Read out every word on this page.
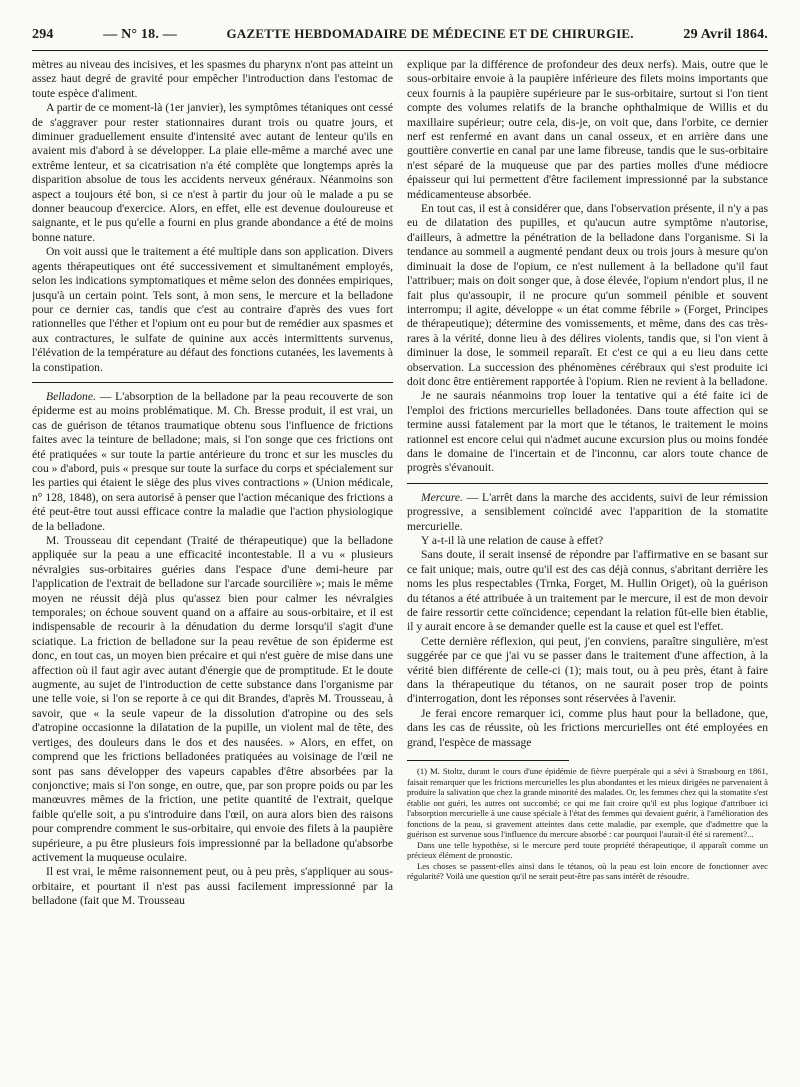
294	— N° 18. —	GAZETTE HEBDOMADAIRE DE MÉDECINE ET DE CHIRURGIE.	29 Avril 1864.

mètres au niveau des incisives, et les spasmes du pharynx n'ont pas atteint un assez haut degré de gravité pour empêcher l'introduction dans l'estomac de toute espèce d'aliment.

A partir de ce moment-là (1er janvier), les symptômes tétaniques ont cessé de s'aggraver pour rester stationnaires durant trois ou quatre jours, et diminuer graduellement ensuite d'intensité avec autant de lenteur qu'ils en avaient mis d'abord à se développer. La plaie elle-même a marché avec une extrême lenteur, et sa cicatrisation n'a été complète que longtemps après la disparition absolue de tous les accidents nerveux généraux. Néanmoins son aspect a toujours été bon, si ce n'est à partir du jour où le malade a pu se donner beaucoup d'exercice. Alors, en effet, elle est devenue douloureuse et saignante, et le pus qu'elle a fourni en plus grande abondance a été de moins bonne nature.

On voit aussi que le traitement a été multiple dans son application. Divers agents thérapeutiques ont été successivement et simultanément employés, selon les indications symptomatiques et même selon des données empiriques, jusqu'à un certain point. Tels sont, à mon sens, le mercure et la belladone pour ce dernier cas, tandis que c'est au contraire d'après des vues fort rationnelles que l'éther et l'opium ont eu pour but de remédier aux spasmes et aux contractures, le sulfate de quinine aux accès intermittents survenus, l'élévation de la température au défaut des fonctions cutanées, les lavements à la constipation.

Belladone. — L'absorption de la belladone par la peau recouverte de son épiderme est au moins problématique. M. Ch. Bresse produit, il est vrai, un cas de guérison de tétanos traumatique obtenu sous l'influence de frictions faites avec la teinture de belladone; mais, si l'on songe que ces frictions ont été pratiquées « sur toute la partie antérieure du tronc et sur les muscles du cou » d'abord, puis « presque sur toute la surface du corps et spécialement sur les parties qui étaient le siège des plus vives contractions » (Union médicale, n° 128, 1848), on sera autorisé à penser que l'action mécanique des frictions a été peut-être tout aussi efficace contre la maladie que l'action physiologique de la belladone.

M. Trousseau dit cependant (Traité de thérapeutique) que la belladone appliquée sur la peau a une efficacité incontestable. Il a vu « plusieurs névralgies sus-orbitaires guéries dans l'espace d'une demi-heure par l'application de l'extrait de belladone sur l'arcade sourcilière »; mais le même moyen ne réussit déjà plus qu'assez bien pour calmer les névralgies temporales; on échoue souvent quand on a affaire au sous-orbitaire, et il est indispensable de recourir à la dénudation du derme lorsqu'il s'agit d'une sciatique. La friction de belladone sur la peau revêtue de son épiderme est donc, en tout cas, un moyen bien précaire et qui n'est guère de mise dans une affection où il faut agir avec autant d'énergie que de promptitude. Et le doute augmente, au sujet de l'introduction de cette substance dans l'organisme par une telle voie, si l'on se reporte à ce qui dit Brandes, d'après M. Trousseau, à savoir, que « la seule vapeur de la dissolution d'atropine ou des sels d'atropine occasionne la dilatation de la pupille, un violent mal de tête, des vertiges, des douleurs dans le dos et des nausées. » Alors, en effet, on comprend que les frictions belladonées pratiquées au voisinage de l'œil ne sont pas sans développer des vapeurs capables d'être absorbées par la conjonctive; mais si l'on songe, en outre, que, par son propre poids ou par les manœuvres mêmes de la friction, une petite quantité de l'extrait, quelque faible qu'elle soit, a pu s'introduire dans l'œil, on aura alors bien des raisons pour comprendre comment le sus-orbitaire, qui envoie des filets à la paupière supérieure, a pu être plusieurs fois impressionné par la belladone qu'absorbe activement la muqueuse oculaire.

Il est vrai, le même raisonnement peut, ou à peu près, s'appliquer au sous-orbitaire, et pourtant il n'est pas aussi facilement impressionné par la belladone (fait que M. Trousseau

explique par la différence de profondeur des deux nerfs). Mais, outre que le sous-orbitaire envoie à la paupière inférieure des filets moins importants que ceux fournis à la paupière supérieure par le sus-orbitaire, surtout si l'on tient compte des volumes relatifs de la branche ophthalmique de Willis et du maxillaire supérieur; outre cela, dis-je, on voit que, dans l'orbite, ce dernier nerf est renfermé en avant dans un canal osseux, et en arrière dans une gouttière convertie en canal par une lame fibreuse, tandis que le sus-orbitaire n'est séparé de la muqueuse que par des parties molles d'une médiocre épaisseur qui lui permettent d'être facilement impressionné par la substance médicamenteuse absorbée.

En tout cas, il est à considérer que, dans l'observation présente, il n'y a pas eu de dilatation des pupilles, et qu'aucun autre symptôme n'autorise, d'ailleurs, à admettre la pénétration de la belladone dans l'organisme. Si la tendance au sommeil a augmenté pendant deux ou trois jours à mesure qu'on diminuait la dose de l'opium, ce n'est nullement à la belladone qu'il faut l'attribuer; mais on doit songer que, à dose élevée, l'opium n'endort plus, il ne fait plus qu'assoupir, il ne procure qu'un sommeil pénible et souvent interrompu; il agite, développe « un état comme fébrile » (Forget, Principes de thérapeutique); détermine des vomissements, et même, dans des cas très-rares à la vérité, donne lieu à des délires violents, tandis que, si l'on vient à diminuer la dose, le sommeil reparaît. Et c'est ce qui a eu lieu dans cette observation. La succession des phénomènes cérébraux qui s'est produite ici doit donc être entièrement rapportée à l'opium. Rien ne revient à la belladone.

Je ne saurais néanmoins trop louer la tentative qui a été faite ici de l'emploi des frictions mercurielles belladonées. Dans toute affection qui se termine aussi fatalement par la mort que le tétanos, le traitement le moins rationnel est encore celui qui n'admet aucune excursion plus ou moins fondée dans le domaine de l'incertain et de l'inconnu, car alors toute chance de progrès s'évanouit.

Mercure. — L'arrêt dans la marche des accidents, suivi de leur rémission progressive, a sensiblement coïncidé avec l'apparition de la stomatite mercurielle.

Y a-t-il là une relation de cause à effet?

Sans doute, il serait insensé de répondre par l'affirmative en se basant sur ce fait unique; mais, outre qu'il est des cas déjà connus, s'abritant derrière les noms les plus respectables (Trnka, Forget, M. Hullin Origet), où la guérison du tétanos a été attribuée à un traitement par le mercure, il est de mon devoir de faire ressortir cette coïncidence; cependant la relation fût-elle bien établie, il y aurait encore à se demander quelle est la cause et quel est l'effet.

Cette dernière réflexion, qui peut, j'en conviens, paraître singulière, m'est suggérée par ce que j'ai vu se passer dans le traitement d'une affection, à la vérité bien différente de celle-ci (1); mais tout, ou à peu près, étant à faire dans la thérapeutique du tétanos, on ne saurait poser trop de points d'interrogation, dont les réponses sont réservées à l'avenir.

Je ferai encore remarquer ici, comme plus haut pour la belladone, que, dans les cas de réussite, où les frictions mercurielles ont été employées en grand, l'espèce de massage

(1) M. Stoltz, durant le cours d'une épidémie de fièvre puerpérale qui a sévi à Strasbourg en 1861, faisait remarquer que les frictions mercurielles les plus abondantes et les mieux dirigées ne parvenaient à produire la salivation que chez la grande minorité des malades. Or, les femmes chez qui la stomatite s'est établie ont guéri, les autres ont succombé; ce qui me fait croire qu'il est plus logique d'attribuer ici l'absorption mercurielle à une cause spéciale à l'état des femmes qui devaient guérir, à l'amélioration des fonctions de la peau, si gravement atteintes dans cette maladie, par exemple, que d'admettre que la guérison est survenue sous l'influence du mercure absorbé : car pourquoi l'aurait-il été si rarement?...

Dans une telle hypothèse, si le mercure perd toute propriété thérapeutique, il apparaît comme un précieux élément de pronostic.

Les choses se passent-elles ainsi dans le tétanos, où la peau est loin encore de fonctionner avec régularité? Voilà une question qu'il ne serait peut-être pas sans intérêt de résoudre.
